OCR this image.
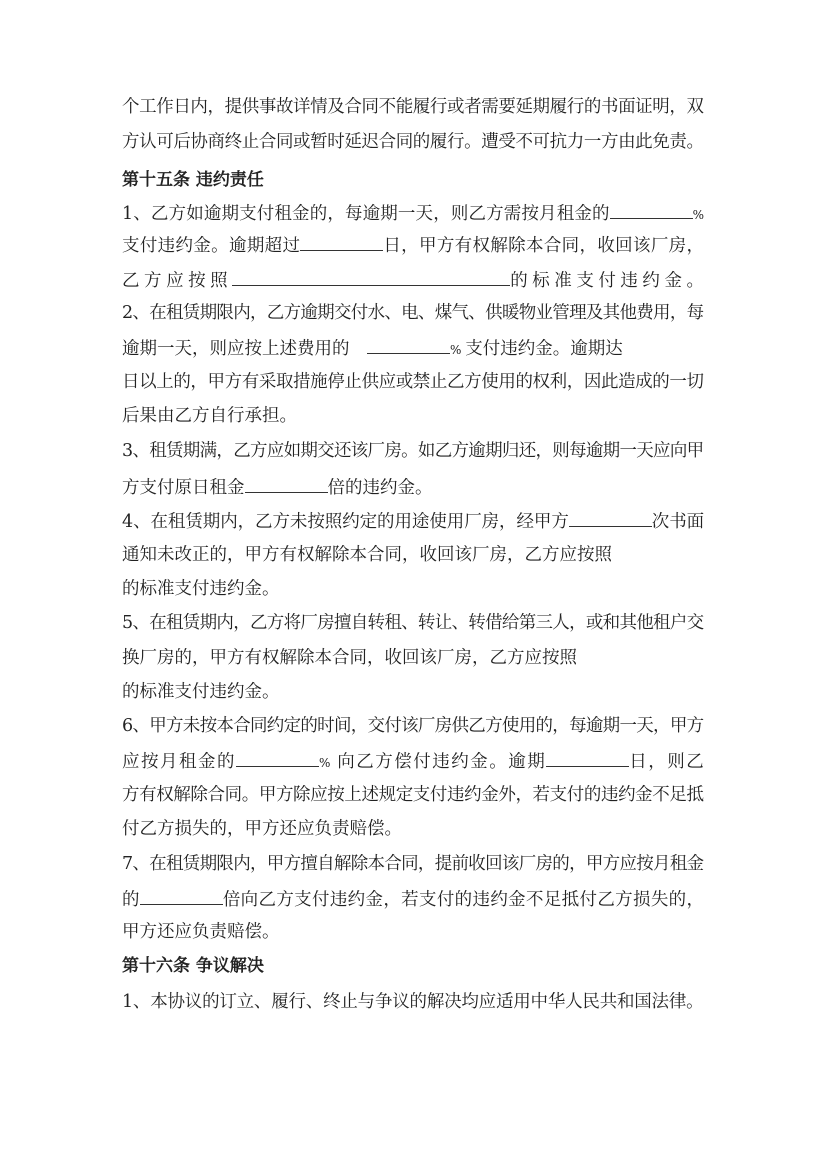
个工作日内，提供事故详情及合同不能履行或者需要延期履行的书面证明，双
方认可后协商终止合同或暂时延迟合同的履行。遭受不可抗力一方由此免责。
第十五条 违约责任
1、乙方如逾期支付租金的，每逾期一天，则乙方需按月租金的	%
支付违约金。逾期超过	日，甲方有权解除本合同，收回该厂房，
乙方应按照	的标准支付违约金。
2、在租赁期限内，乙方逾期交付水、电、煤气、供暖物业管理及其他费用，每
逾期一天，则应按上述费用的　	% 支付违约金。逾期达
日以上的，甲方有采取措施停止供应或禁止乙方使用的权利，因此造成的一切
后果由乙方自行承担。
3、租赁期满，乙方应如期交还该厂房。如乙方逾期归还，则每逾期一天应向甲
方支付原日租金	倍的违约金。
4、在租赁期内，乙方未按照约定的用途使用厂房，经甲方	次书面
通知未改正的，甲方有权解除本合同，收回该厂房，乙方应按照
的标准支付违约金。
5、在租赁期内，乙方将厂房擅自转租、转让、转借给第三人，或和其他租户交
换厂房的，甲方有权解除本合同，收回该厂房，乙方应按照
的标准支付违约金。
6、甲方未按本合同约定的时间，交付该厂房供乙方使用的，每逾期一天，甲方
应按月租金的	% 向乙方偿付违约金。逾期	日，则乙
方有权解除合同。甲方除应按上述规定支付违约金外，若支付的违约金不足抵
付乙方损失的，甲方还应负责赔偿。
7、在租赁期限内，甲方擅自解除本合同，提前收回该厂房的，甲方应按月租金
的	倍向乙方支付违约金，若支付的违约金不足抵付乙方损失的，
甲方还应负责赔偿。
第十六条 争议解决
1、本协议的订立、履行、终止与争议的解决均应适用中华人民共和国法律。
